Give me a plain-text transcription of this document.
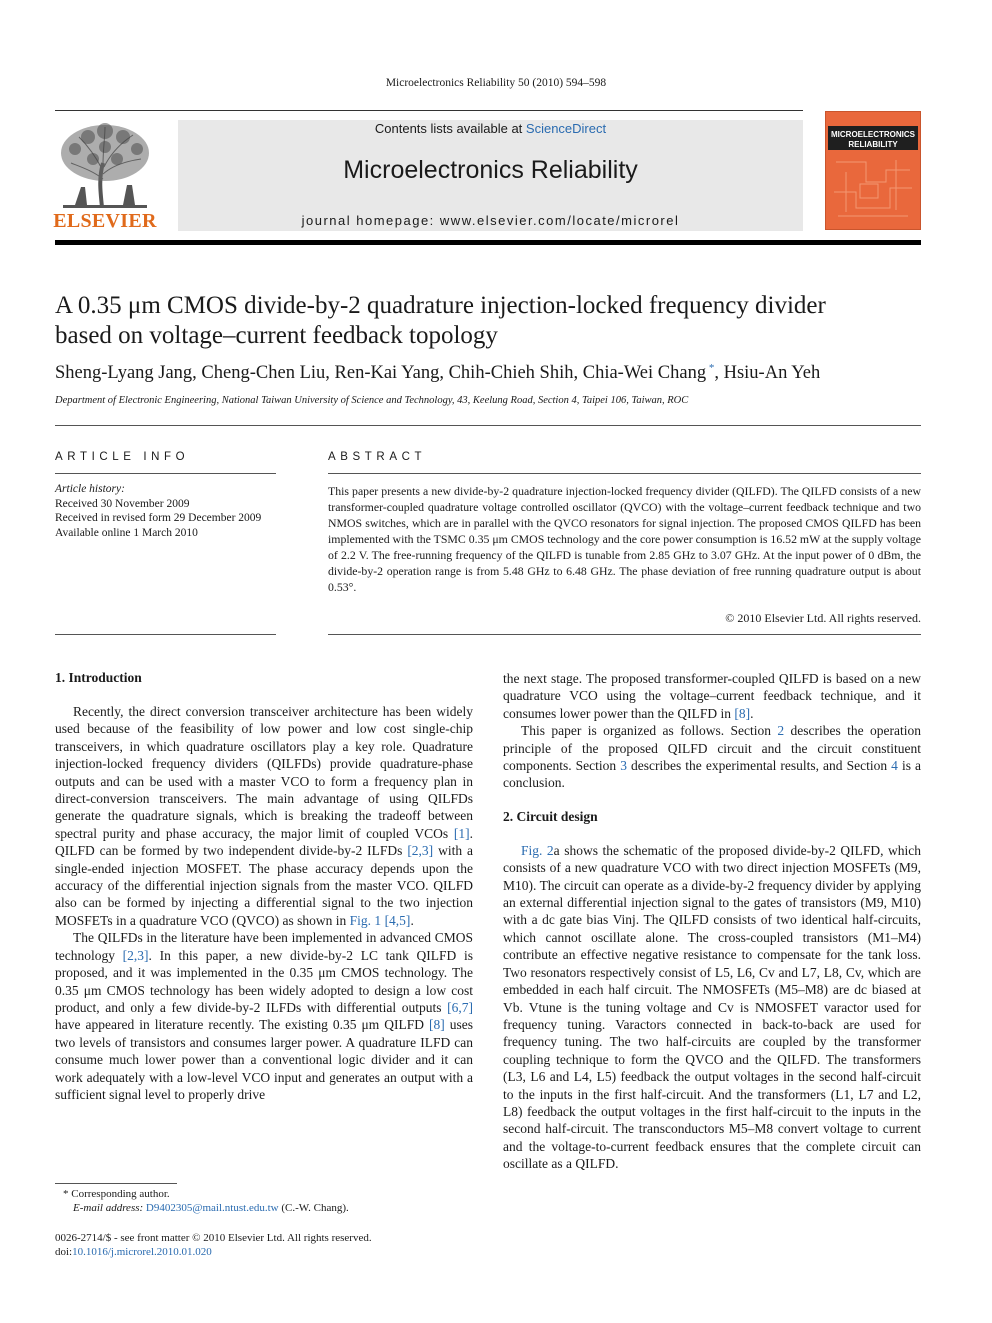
Microelectronics Reliability 50 (2010) 594–598
ELSEVIER
Contents lists available at ScienceDirect
Microelectronics Reliability
journal homepage: www.elsevier.com/locate/microrel
MICROELECTRONICS
RELIABILITY
A 0.35 μm CMOS divide-by-2 quadrature injection-locked frequency divider
based on voltage–current feedback topology
Sheng-Lyang Jang, Cheng-Chen Liu, Ren-Kai Yang, Chih-Chieh Shih, Chia-Wei Chang *, Hsiu-An Yeh
Department of Electronic Engineering, National Taiwan University of Science and Technology, 43, Keelung Road, Section 4, Taipei 106, Taiwan, ROC
ARTICLE INFO	ABSTRACT
Article history:
Received 30 November 2009
Received in revised form 29 December 2009
Available online 1 March 2010
This paper presents a new divide-by-2 quadrature injection-locked frequency divider (QILFD). The QILFD consists of a new transformer-coupled quadrature voltage controlled oscillator (QVCO) with the voltage–current feedback technique and two NMOS switches, which are in parallel with the QVCO resonators for signal injection. The proposed CMOS QILFD has been implemented with the TSMC 0.35 μm CMOS technology and the core power consumption is 16.52 mW at the supply voltage of 2.2 V. The free-running frequency of the QILFD is tunable from 2.85 GHz to 3.07 GHz. At the input power of 0 dBm, the divide-by-2 operation range is from 5.48 GHz to 6.48 GHz. The phase deviation of free running quadrature output is about 0.53°.
© 2010 Elsevier Ltd. All rights reserved.
1. Introduction

Recently, the direct conversion transceiver architecture has been widely used because of the feasibility of low power and low cost single-chip transceivers, in which quadrature oscillators play a key role. Quadrature injection-locked frequency dividers (QILFDs) provide quadrature-phase outputs and can be used with a master VCO to form a frequency plan in direct-conversion transceivers. The main advantage of using QILFDs generate the quadrature signals, which is breaking the tradeoff between spectral purity and phase accuracy, the major limit of coupled VCOs [1]. QILFD can be formed by two independent divide-by-2 ILFDs [2,3] with a single-ended injection MOSFET. The phase accuracy depends upon the accuracy of the differential injection signals from the master VCO. QILFD also can be formed by injecting a differential signal to the two injection MOSFETs in a quadrature VCO (QVCO) as shown in Fig. 1 [4,5].

The QILFDs in the literature have been implemented in advanced CMOS technology [2,3]. In this paper, a new divide-by-2 LC tank QILFD is proposed, and it was implemented in the 0.35 μm CMOS technology. The 0.35 μm CMOS technology has been widely adopted to design a low cost product, and only a few divide-by-2 ILFDs with differential outputs [6,7] have appeared in literature recently. The existing 0.35 μm QILFD [8] uses two levels of transistors and consumes larger power. A quadrature ILFD can consume much lower power than a conventional logic divider and it can work adequately with a low-level VCO input and generates an output with a sufficient signal level to properly drive

the next stage. The proposed transformer-coupled QILFD is based on a new quadrature VCO using the voltage–current feedback technique, and it consumes lower power than the QILFD in [8].

This paper is organized as follows. Section 2 describes the operation principle of the proposed QILFD circuit and the circuit constituent components. Section 3 describes the experimental results, and Section 4 is a conclusion.

2. Circuit design

Fig. 2a shows the schematic of the proposed divide-by-2 QILFD, which consists of a new quadrature VCO with two direct injection MOSFETs (M9, M10). The circuit can operate as a divide-by-2 frequency divider by applying an external differential injection signal to the gates of transistors (M9, M10) with a dc gate bias Vinj. The QILFD consists of two identical half-circuits, which cannot oscillate alone. The cross-coupled transistors (M1–M4) contribute an effective negative resistance to compensate for the tank loss. Two resonators respectively consist of L5, L6, Cv and L7, L8, Cv, which are embedded in each half circuit. The NMOSFETs (M5–M8) are dc biased at Vb. Vtune is the tuning voltage and Cv is NMOSFET varactor used for frequency tuning. Varactors connected in back-to-back are used for frequency tuning. The two half-circuits are coupled by the transformer coupling technique to form the QVCO and the QILFD. The transformers (L3, L6 and L4, L5) feedback the output voltages in the second half-circuit to the inputs in the first half-circuit. And the transformers (L1, L7 and L2, L8) feedback the output voltages in the first half-circuit to the inputs in the second half-circuit. The transconductors M5–M8 convert voltage to current and the voltage-to-current feedback ensures that the complete circuit can oscillate as a QILFD.

* Corresponding author.
E-mail address: D9402305@mail.ntust.edu.tw (C.-W. Chang).
0026-2714/$ - see front matter © 2010 Elsevier Ltd. All rights reserved.
doi:10.1016/j.microrel.2010.01.020
